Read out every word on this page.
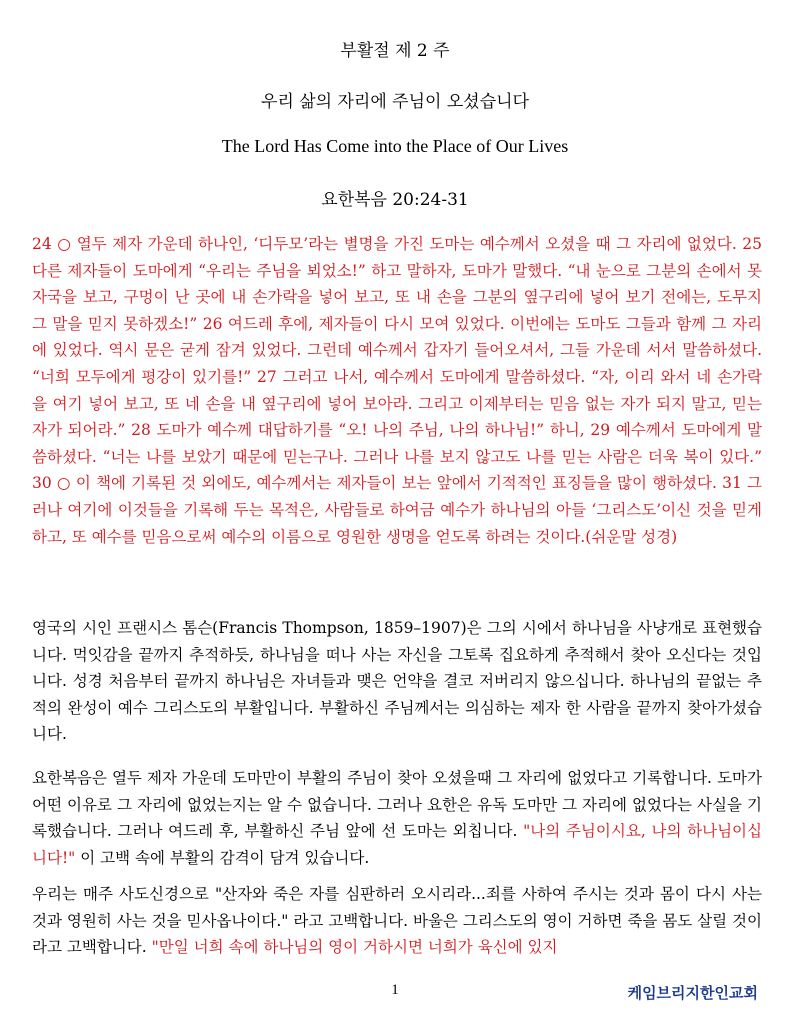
부활절 제 2 주
우리 삶의 자리에 주님이 오셨습니다
The Lord Has Come into the Place of Our Lives
요한복음 20:24-31
24 ○ 열두 제자 가운데 하나인, ‘디두모’라는 별명을 가진 도마는 예수께서 오셨을 때 그 자리에 없었다. 25 다른 제자들이 도마에게 “우리는 주님을 뵈었소!” 하고 말하자, 도마가 말했다. “내 눈으로 그분의 손에서 못 자국을 보고, 구멍이 난 곳에 내 손가락을 넣어 보고, 또 내 손을 그분의 옆구리에 넣어 보기 전에는, 도무지 그 말을 믿지 못하겠소!” 26 여드레 후에, 제자들이 다시 모여 있었다. 이번에는 도마도 그들과 함께 그 자리에 있었다. 역시 문은 굳게 잠겨 있었다. 그런데 예수께서 갑자기 들어오셔서, 그들 가운데 서서 말씀하셨다. “너희 모두에게 평강이 있기를!” 27 그러고 나서, 예수께서 도마에게 말씀하셨다. “자, 이리 와서 네 손가락을 여기 넣어 보고, 또 네 손을 내 옆구리에 넣어 보아라. 그리고 이제부터는 믿음 없는 자가 되지 말고, 믿는 자가 되어라.” 28 도마가 예수께 대답하기를 “오! 나의 주님, 나의 하나님!” 하니, 29 예수께서 도마에게 말씀하셨다. “너는 나를 보았기 때문에 믿는구나. 그러나 나를 보지 않고도 나를 믿는 사람은 더욱 복이 있다.” 30 ○ 이 책에 기록된 것 외에도, 예수께서는 제자들이 보는 앞에서 기적적인 표징들을 많이 행하셨다. 31 그러나 여기에 이것들을 기록해 두는 목적은, 사람들로 하여금 예수가 하나님의 아들 ‘그리스도’이신 것을 믿게 하고, 또 예수를 믿음으로써 예수의 이름으로 영원한 생명을 얻도록 하려는 것이다.(쉬운말 성경)
영국의 시인 프랜시스 톰슨(Francis Thompson, 1859–1907)은 그의 시에서 하나님을 사냥개로 표현했습니다. 먹잇감을 끝까지 추적하듯, 하나님을 떠나 사는 자신을 그토록 집요하게 추적해서 찾아 오신다는 것입니다. 성경 처음부터 끝까지 하나님은 자녀들과 맺은 언약을 결코 저버리지 않으십니다. 하나님의 끝없는 추적의 완성이 예수 그리스도의 부활입니다. 부활하신 주님께서는 의심하는 제자 한 사람을 끝까지 찾아가셨습니다.
요한복음은 열두 제자 가운데 도마만이 부활의 주님이 찾아 오셨을때 그 자리에 없었다고 기록합니다. 도마가 어떤 이유로 그 자리에 없었는지는 알 수 없습니다. 그러나 요한은 유독 도마만 그 자리에 없었다는 사실을 기록했습니다. 그러나 여드레 후, 부활하신 주님 앞에 선 도마는 외칩니다. "나의 주님이시요, 나의 하나님이십니다!" 이 고백 속에 부활의 감격이 담겨 있습니다.
우리는 매주 사도신경으로 "산자와 죽은 자를 심판하러 오시리라...죄를 사하여 주시는 것과 몸이 다시 사는 것과 영원히 사는 것을 믿사옵나이다." 라고 고백합니다. 바울은 그리스도의 영이 거하면 죽을 몸도 살릴 것이라고 고백합니다. "만일 너희 속에 하나님의 영이 거하시면 너희가 육신에 있지
1	케임브리지한인교회
